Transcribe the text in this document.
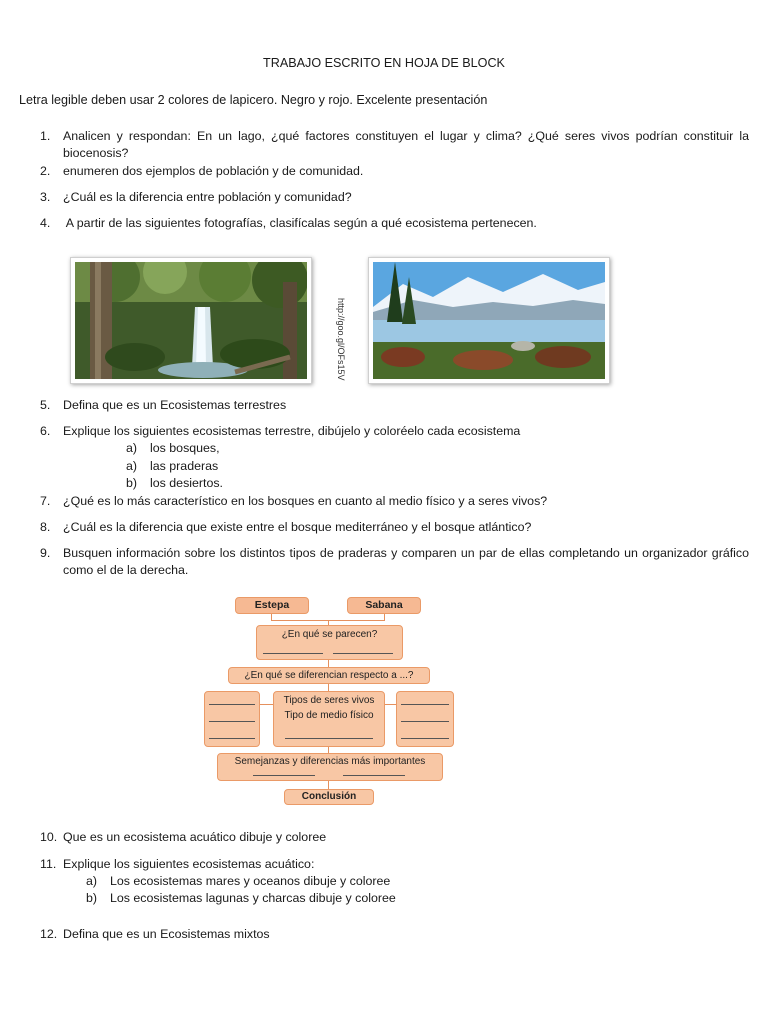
TRABAJO ESCRITO EN HOJA DE BLOCK
Letra legible deben usar 2 colores de lapicero. Negro y rojo. Excelente presentación
1.	Analicen y respondan: En un lago, ¿qué factores constituyen el lugar y clima? ¿Qué seres vivos podrían constituir la biocenosis?
2.	enumeren dos ejemplos de población y de comunidad.
3.	¿Cuál es la diferencia entre población y comunidad?
4.	A partir de las siguientes fotografías, clasifícalas según a qué ecosistema pertenecen.
http://goo.gl/OFs15V
5.	Defina que es un Ecosistemas terrestres
6.	Explique los siguientes ecosistemas terrestre, dibújelo y coloréelo cada ecosistema
a) los bosques,
a) las praderas
b) los desiertos.
7.	¿Qué es lo más característico en los bosques en cuanto al medio físico y a seres vivos?
8.	¿Cuál es la diferencia que existe entre el bosque mediterráneo y el bosque atlántico?
9.	Busquen información sobre los distintos tipos de praderas y comparen un par de ellas completando un organizador gráfico como el de la derecha.
Estepa	Sabana
¿En qué se parecen?
¿En qué se diferencian respecto a ...?
Tipos de seres vivos
Tipo de medio físico
Semejanzas y diferencias más importantes
Conclusión
10. Que es un ecosistema acuático dibuje y coloree
11. Explique los siguientes ecosistemas acuático:
a) Los ecosistemas mares y oceanos dibuje y coloree
b) Los ecosistemas lagunas y charcas dibuje y coloree
12. Defina que es un Ecosistemas mixtos
